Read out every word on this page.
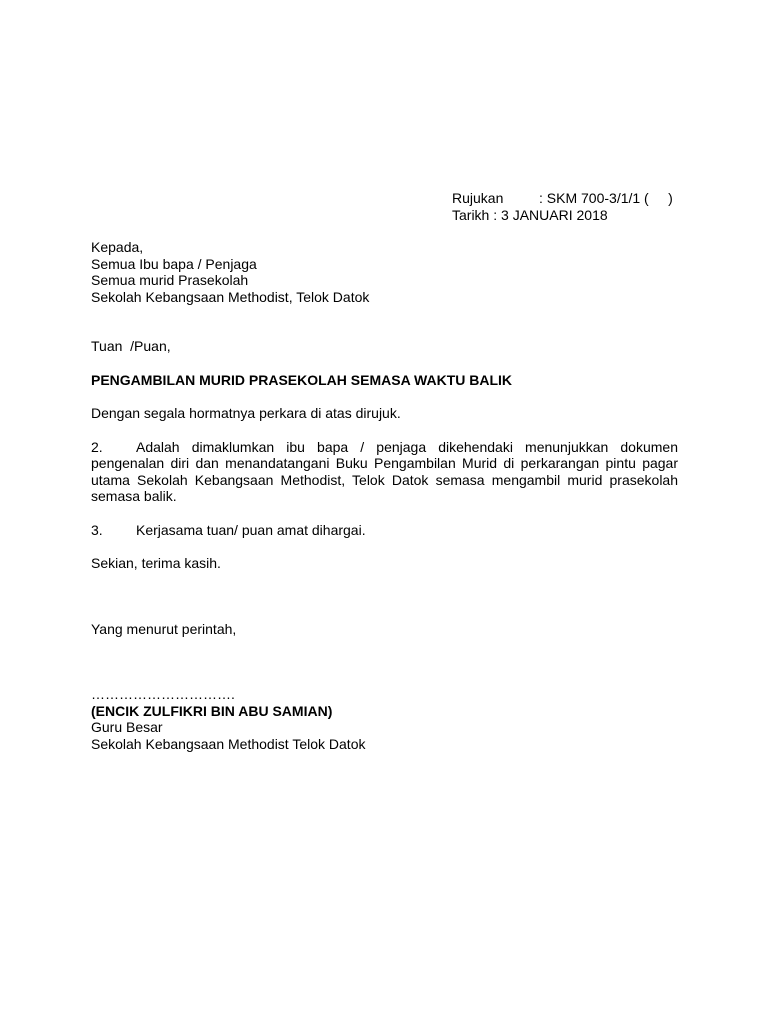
Rujukan	: SKM 700-3/1/1 (     )
Tarikh : 3 JANUARI 2018
Kepada,
Semua Ibu bapa / Penjaga
Semua murid Prasekolah
Sekolah Kebangsaan Methodist, Telok Datok
Tuan  /Puan,
PENGAMBILAN MURID PRASEKOLAH SEMASA WAKTU BALIK
Dengan segala hormatnya perkara di atas dirujuk.
2. Adalah dimaklumkan ibu bapa / penjaga dikehendaki menunjukkan dokumen pengenalan diri dan menandatangani Buku Pengambilan Murid di perkarangan pintu pagar utama Sekolah Kebangsaan Methodist, Telok Datok semasa mengambil murid prasekolah semasa balik.
3. Kerjasama tuan/ puan amat dihargai.
Sekian, terima kasih.
Yang menurut perintah,
………………………….
(ENCIK ZULFIKRI BIN ABU SAMIAN)
Guru Besar
Sekolah Kebangsaan Methodist Telok Datok
